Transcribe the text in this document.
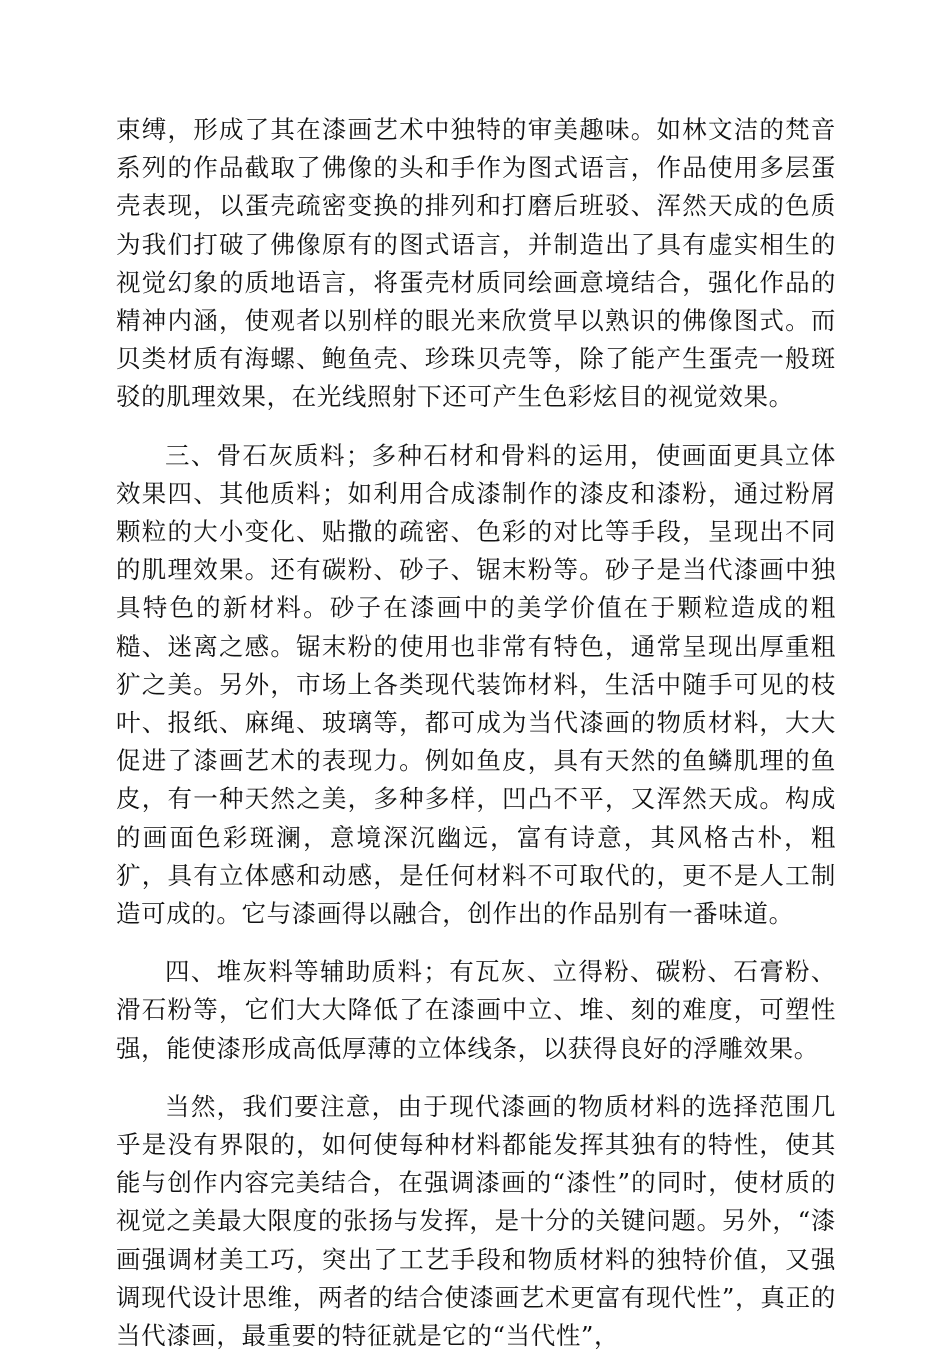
束缚，形成了其在漆画艺术中独特的审美趣味。如林文洁的梵音系列的作品截取了佛像的头和手作为图式语言，作品使用多层蛋壳表现，以蛋壳疏密变换的排列和打磨后班驳、浑然天成的色质为我们打破了佛像原有的图式语言，并制造出了具有虚实相生的视觉幻象的质地语言，将蛋壳材质同绘画意境结合，强化作品的精神内涵，使观者以别样的眼光来欣赏早以熟识的佛像图式。而贝类材质有海螺、鲍鱼壳、珍珠贝壳等，除了能产生蛋壳一般斑驳的肌理效果，在光线照射下还可产生色彩炫目的视觉效果。

三、骨石灰质料；多种石材和骨料的运用，使画面更具立体效果四、其他质料；如利用合成漆制作的漆皮和漆粉，通过粉屑颗粒的大小变化、贴撒的疏密、色彩的对比等手段，呈现出不同的肌理效果。还有碳粉、砂子、锯末粉等。砂子是当代漆画中独具特色的新材料。砂子在漆画中的美学价值在于颗粒造成的粗糙、迷离之感。锯末粉的使用也非常有特色，通常呈现出厚重粗犷之美。另外，市场上各类现代装饰材料，生活中随手可见的枝叶、报纸、麻绳、玻璃等，都可成为当代漆画的物质材料，大大促进了漆画艺术的表现力。例如鱼皮，具有天然的鱼鳞肌理的鱼皮，有一种天然之美，多种多样，凹凸不平，又浑然天成。构成的画面色彩斑澜，意境深沉幽远，富有诗意，其风格古朴，粗犷，具有立体感和动感，是任何材料不可取代的，更不是人工制造可成的。它与漆画得以融合，创作出的作品别有一番味道。

四、堆灰料等辅助质料；有瓦灰、立得粉、碳粉、石膏粉、滑石粉等，它们大大降低了在漆画中立、堆、刻的难度，可塑性强，能使漆形成高低厚薄的立体线条，以获得良好的浮雕效果。

当然，我们要注意，由于现代漆画的物质材料的选择范围几乎是没有界限的，如何使每种材料都能发挥其独有的特性，使其能与创作内容完美结合，在强调漆画的“漆性”的同时，使材质的视觉之美最大限度的张扬与发挥，是十分的关键问题。另外，“漆画强调材美工巧，突出了工艺手段和物质材料的独特价值，又强调现代设计思维，两者的结合使漆画艺术更富有现代性”，真正的当代漆画，最重要的特征就是它的“当代性”，
